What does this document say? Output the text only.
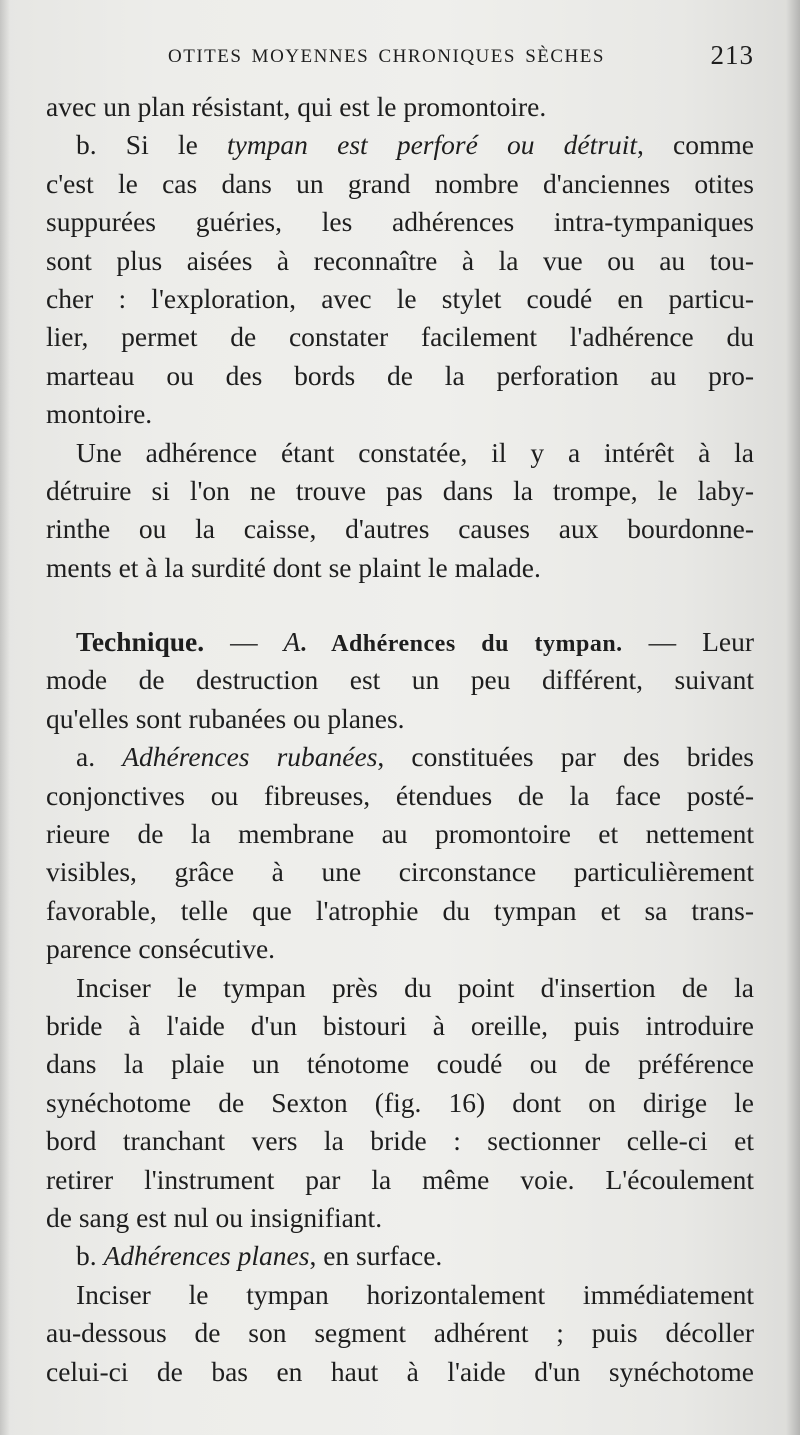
OTITES MOYENNES CHRONIQUES SÈCHES	213
avec un plan résistant, qui est le promontoire.
b. Si le tympan est perforé ou détruit, comme
c'est le cas dans un grand nombre d'anciennes otites
suppurées guéries, les adhérences intra-tympaniques
sont plus aisées à reconnaître à la vue ou au tou-
cher : l'exploration, avec le stylet coudé en particu-
lier, permet de constater facilement l'adhérence du
marteau ou des bords de la perforation au pro-
montoire.
Une adhérence étant constatée, il y a intérêt à la
détruire si l'on ne trouve pas dans la trompe, le laby-
rinthe ou la caisse, d'autres causes aux bourdonne-
ments et à la surdité dont se plaint le malade.
Technique. — A. Adhérences du tympan. — Leur
mode de destruction est un peu différent, suivant
qu'elles sont rubanées ou planes.
a. Adhérences rubanées, constituées par des brides
conjonctives ou fibreuses, étendues de la face posté-
rieure de la membrane au promontoire et nettement
visibles, grâce à une circonstance particulièrement
favorable, telle que l'atrophie du tympan et sa trans-
parence consécutive.
Inciser le tympan près du point d'insertion de la
bride à l'aide d'un bistouri à oreille, puis introduire
dans la plaie un ténotome coudé ou de préférence
synéchotome de Sexton (fig. 16) dont on dirige le
bord tranchant vers la bride : sectionner celle-ci et
retirer l'instrument par la même voie. L'écoulement
de sang est nul ou insignifiant.
b. Adhérences planes, en surface.
Inciser le tympan horizontalement immédiatement
au-dessous de son segment adhérent ; puis décoller
celui-ci de bas en haut à l'aide d'un synéchotome
